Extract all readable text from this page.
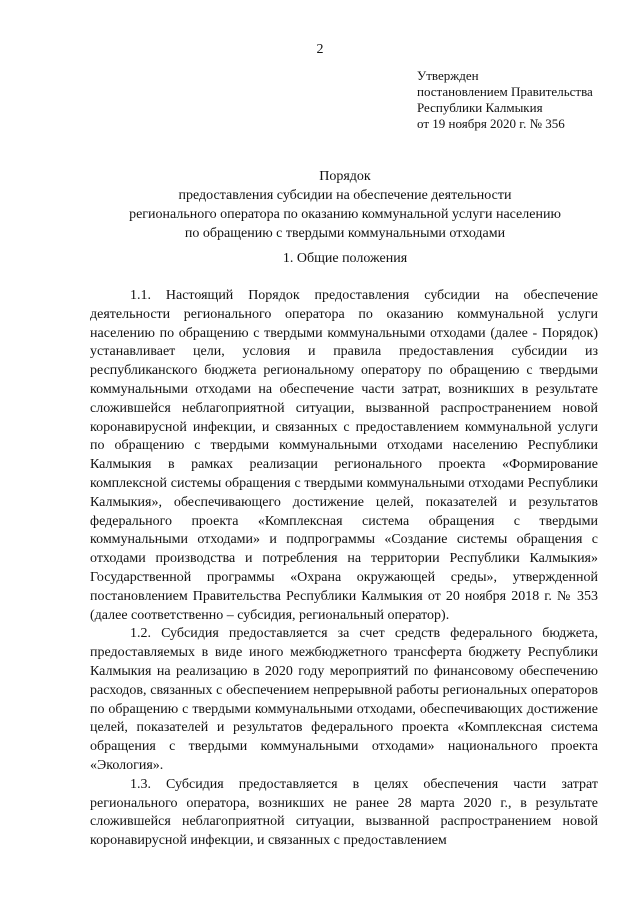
2
Утвержден
постановлением Правительства
Республики Калмыкия
от 19 ноября 2020 г. № 356
Порядок
предоставления субсидии на обеспечение деятельности
регионального оператора по оказанию коммунальной услуги населению
по обращению с твердыми коммунальными отходами
1. Общие положения

1.1. Настоящий Порядок предоставления субсидии на обеспечение деятельности регионального оператора по оказанию коммунальной услуги населению по обращению с твердыми коммунальными отходами (далее - Порядок) устанавливает цели, условия и правила предоставления субсидии из республиканского бюджета региональному оператору по обращению с твердыми коммунальными отходами на обеспечение части затрат, возникших в результате сложившейся неблагоприятной ситуации, вызванной распространением новой коронавирусной инфекции, и связанных с предоставлением коммунальной услуги по обращению с твердыми коммунальными отходами населению Республики Калмыкия в рамках реализации регионального проекта «Формирование комплексной системы обращения с твердыми коммунальными отходами Республики Калмыкия», обеспечивающего достижение целей, показателей и результатов федерального проекта «Комплексная система обращения с твердыми коммунальными отходами» и подпрограммы «Создание системы обращения с отходами производства и потребления на территории Республики Калмыкия» Государственной программы «Охрана окружающей среды», утвержденной постановлением Правительства Республики Калмыкия от 20 ноября 2018 г. № 353 (далее соответственно – субсидия, региональный оператор).

1.2. Субсидия предоставляется за счет средств федерального бюджета, предоставляемых в виде иного межбюджетного трансферта бюджету Республики Калмыкия на реализацию в 2020 году мероприятий по финансовому обеспечению расходов, связанных с обеспечением непрерывной работы региональных операторов по обращению с твердыми коммунальными отходами, обеспечивающих достижение целей, показателей и результатов федерального проекта «Комплексная система обращения с твердыми коммунальными отходами» национального проекта «Экология».

1.3. Субсидия предоставляется в целях обеспечения части затрат регионального оператора, возникших не ранее 28 марта 2020 г., в результате сложившейся неблагоприятной ситуации, вызванной распространением новой коронавирусной инфекции, и связанных с предоставлением
